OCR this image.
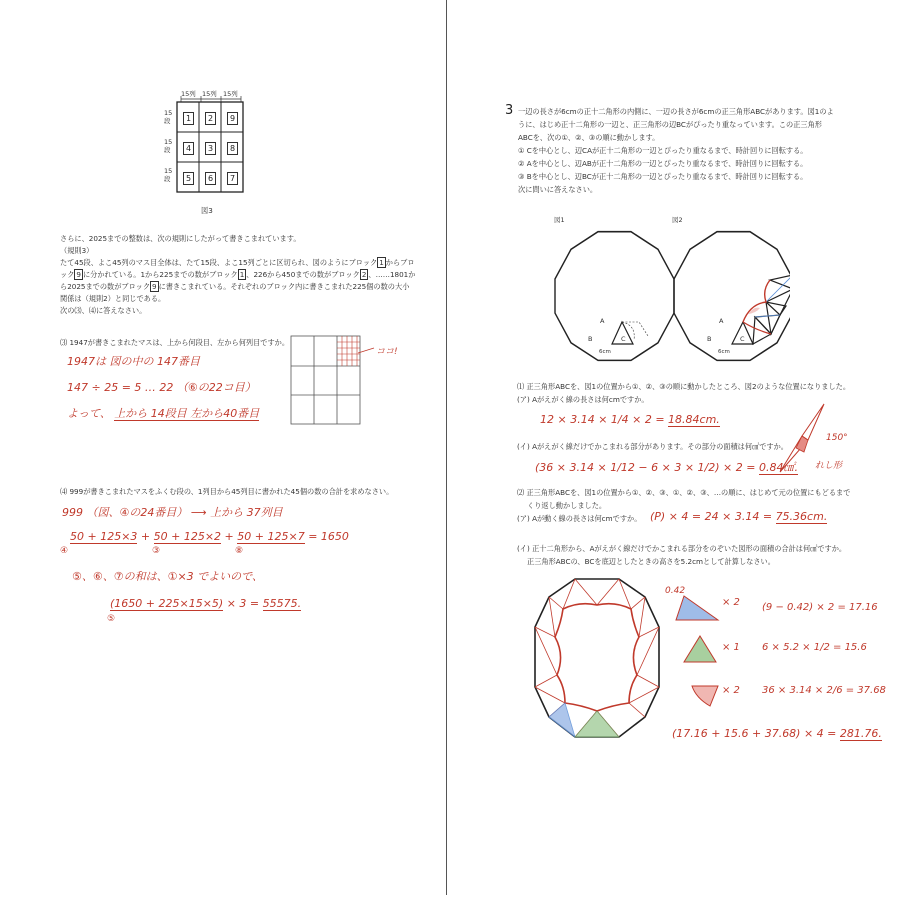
15列 15列 15列
15段
15段
15段
1	2	9
4	3	8
5	6	7
図3
さらに、2025までの整数は、次の規則にしたがって書きこまれています。
（規則3）
たて45段、よこ45列のマス目全体は、たて15段、よこ15列ごとに区切られ、図のようにブロック 1 からブロ
ック 9 に分かれている。1から225までの数がブロック 1 、226から450までの数がブロック 2 、……1801か
ら2025までの数がブロック 9 に書きこまれている。それぞれのブロック内に書きこまれた225個の数の大小
関係は（規則2）と同じである。
次の⑶、⑷に答えなさい。
⑶ 1947が書きこまれたマスは、上から何段目、左から何列目ですか。
1947は 図の中の 147番目
147 ÷ 25 = 5 … 22 （⑥の22コ目）
よって、 上から 14段目 左から40番目
ココ!
⑷ 999が書きこまれたマスをふくむ段の、1列目から45列目に書かれた45個の数の合計を求めなさい。
999 （図、④の24番目） ⟶ 上から 37列目
50 + 125×3 + 50 + 125×2 + 50 + 125×7 = 1650
④	③	⑧
⑤、⑥、⑦の和は、①×3 でよいので、
(1650 + 225×15×5) × 3 = 55575.
⑤
3 一辺の長さが6cmの正十二角形の内側に、一辺の長さが6cmの正三角形ABCがあります。図1のよ
うに、はじめ正十二角形の一辺と、正三角形の辺BCがぴったり重なっています。この正三角形
ABCを、次の①、②、③の順に動かします。
① Cを中心とし、辺CAが正十二角形の一辺とぴったり重なるまで、時計回りに回転する。
② Aを中心とし、辺ABが正十二角形の一辺とぴったり重なるまで、時計回りに回転する。
③ Bを中心とし、辺BCが正十二角形の一辺とぴったり重なるまで、時計回りに回転する。
次に問いに答えなさい。
図1	図2
A
B	C
6cm
A
B	C
6cm
⑴ 正三角形ABCを、図1の位置から①、②、③の順に動かしたところ、図2のような位置になりました。
(ア) Aがえがく線の長さは何cmですか。
12 × 3.14 × 1/4 × 2 = 18.84cm.
(イ) Aがえがく線だけでかこまれる部分があります。その部分の面積は何㎠ですか。
(36 × 3.14 × 1/12 − 6 × 3 × 1/2) × 2 = 0.84㎠.
150°
れし形
⑵ 正三角形ABCを、図1の位置から①、②、③、①、②、③、…の順に、はじめて元の位置にもどるまで
くり返し動かしました。
(ア) Aが動く線の長さは何cmですか。 (P) × 4 = 24 × 3.14 = 75.36cm.
(イ) 正十二角形から、Aがえがく線だけでかこまれる部分をのぞいた図形の面積の合計は何㎠ですか。
正三角形ABCの、BCを底辺としたときの高さを5.2cmとして計算しなさい。
0.42
× 2 (9 − 0.42) × 2 = 17.16
× 1 6 × 5.2 × 1/2 = 15.6
× 2 36 × 3.14 × 2/6 = 37.68
(17.16 + 15.6 + 37.68) × 4 = 281.76.
